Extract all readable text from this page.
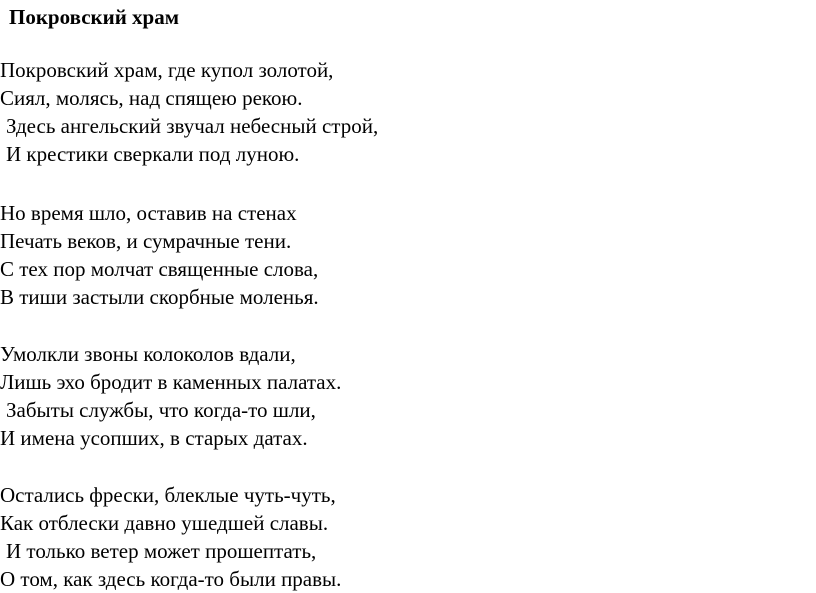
Покровский храм
Покровский храм, где купол золотой,
Сиял, молясь, над спящею рекою.
Здесь ангельский звучал небесный строй,
И крестики сверкали под луною.
Но время шло, оставив на стенах
Печать веков, и сумрачные тени.
С тех пор молчат священные слова,
В тиши застыли скорбные моленья.
Умолкли звоны колоколов вдали,
Лишь эхо бродит в каменных палатах.
Забыты службы, что когда-то шли,
И имена усопших, в старых датах.
Остались фрески, блеклые чуть-чуть,
Как отблески давно ушедшей славы.
И только ветер может прошептать,
О том, как здесь когда-то были правы.
